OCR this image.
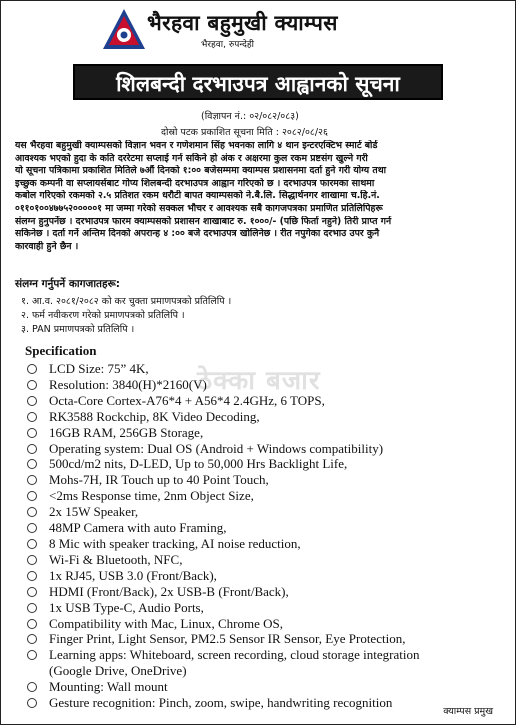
भैरहवा बहुमुखी क्याम्पस
भैरहवा, रुपन्देही
शिलबन्दी दरभाउपत्र आह्वानको सूचना
(विज्ञापन नं.: ०२/०८२/०८३)
दोस्रो पटक प्रकाशित सूचना मिति : २०८२/०८/२६
यस भैरहवा बहुमुखी क्याम्पसको विज्ञान भवन र गणेशमान सिंह भवनका लागि ४ थान इन्टरएक्टिभ स्मार्ट बोर्ड
आवश्यक भएकाे हुदा के कति दररेटमा सप्लाई गर्न सकिने हो अंक र अक्षरमा कुल रकम प्रष्टसंग खुल्ने गरी
यो सूचना पत्रिकामा प्रकाशित मितिले ७औं दिनको १:०० बजेसम्ममा क्याम्पस प्रशासनमा दर्ता हुने गरी योग्य तथा
इच्छुक कम्पनी वा सप्लायर्सबाट गोप्य शिलबन्दी दरभाउपत्र आह्वान गरिएको छ । दरभाउपत्र फारमका साथमा
कबोल गरिएको रकमको २.५ प्रतिशत रकम धरौटी बापत क्याम्पसको ने.बै.लि. सिद्धार्थनगर शाखामा च.हि.नं.
०११०१००४७७५२०००००१ मा जम्मा गरेको सक्कल भौचर र आवश्यक सबै कागजपत्रका प्रमाणित प्रतिलिपिहरू
संलग्न हुनुपर्नेछ । दरभाउपत्र फारम क्याम्पसको प्रशासन शाखाबाट रु. १०००/- (पछि फिर्ता नहुने) तिरी प्राप्त गर्न
सकिनेछ । दर्ता गर्ने अन्तिम दिनको अपरान्ह ४ :०० बजे दरभाउपत्र खोलिनेछ । रीत नपुगेका दरभाउ उपर कुनै
कारवाही हुने छैन ।
संलग्न गर्नुपर्ने कागजातहरू:
१. आ.व. २०८१/२०८२ को कर चुक्ता प्रमाणपत्रको प्रतिलिपि ।
२. फर्म नवीकरण गरेको प्रमाणपत्रको प्रतिलिपि ।
३. PAN प्रमाणपत्रको प्रतिलिपि ।
ठेक्का बजार
Specification
LCD Size: 75” 4K,
Resolution: 3840(H)*2160(V)
Octa-Core Cortex-A76*4 + A56*4 2.4GHz, 6 TOPS,
RK3588 Rockchip, 8K Video Decoding,
16GB RAM, 256GB Storage,
Operating system: Dual OS (Android + Windows compatibility)
500cd/m2 nits, D-LED, Up to 50,000 Hrs Backlight Life,
Mohs-7H, IR Touch up to 40 Point Touch,
<2ms Response time, 2nm Object Size,
2x 15W Speaker,
48MP Camera with auto Framing,
8 Mic with speaker tracking, AI noise reduction,
Wi-Fi & Bluetooth, NFC,
1x RJ45, USB 3.0 (Front/Back),
HDMI (Front/Back), 2x USB-B (Front/Back),
1x USB Type-C, Audio Ports,
Compatibility with Mac, Linux, Chrome OS,
Finger Print, Light Sensor, PM2.5 Sensor IR Sensor, Eye Protection,
Learning apps: Whiteboard, screen recording, cloud storage integration
(Google Drive, OneDrive)
Mounting: Wall mount
Gesture recognition: Pinch, zoom, swipe, handwriting recognition
क्याम्पस प्रमुख
